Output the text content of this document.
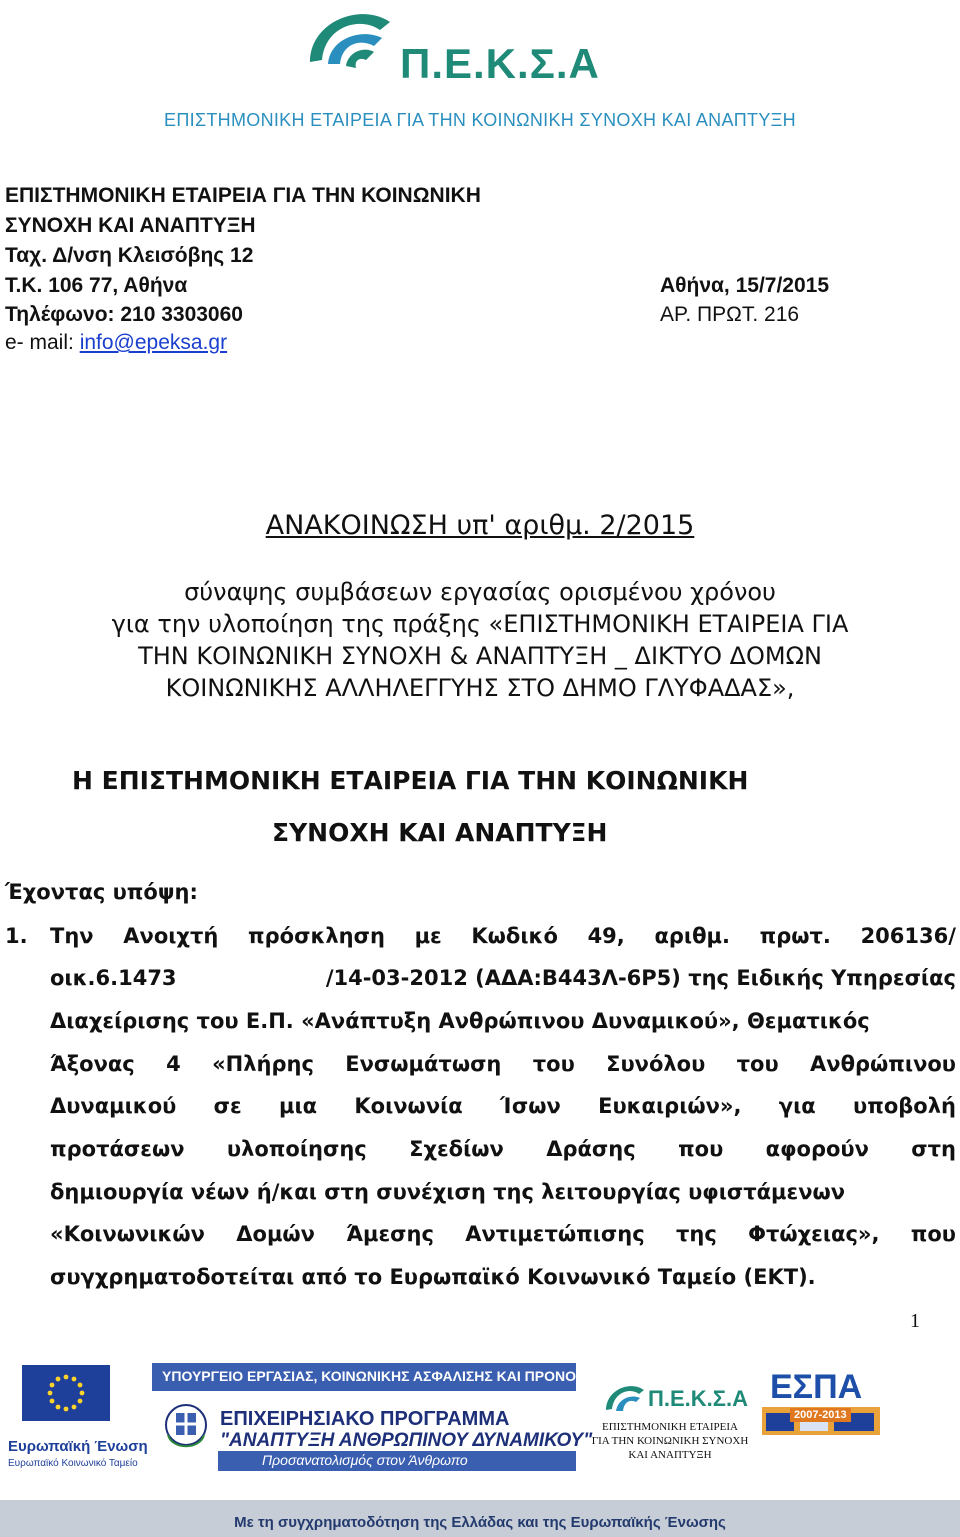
Π.Ε.Κ.Σ.Α
ΕΠΙΣΤΗΜΟΝΙΚΗ ΕΤΑΙΡΕΙΑ ΓΙΑ ΤΗΝ ΚΟΙΝΩΝΙΚΗ ΣΥΝΟΧΗ ΚΑΙ ΑΝΑΠΤΥΞΗ
ΕΠΙΣΤΗΜΟΝΙΚΗ ΕΤΑΙΡΕΙΑ ΓΙΑ ΤΗΝ ΚΟΙΝΩΝΙΚΗ
ΣΥΝΟΧΗ ΚΑΙ ΑΝΑΠΤΥΞΗ
Ταχ. Δ/νση Κλεισόβης 12
Τ.Κ. 106 77, Αθήνα
Τηλέφωνο: 210 3303060
e- mail: info@epeksa.gr
Αθήνα, 15/7/2015
ΑΡ. ΠΡΩΤ. 216
ΑΝΑΚΟΙΝΩΣΗ υπ' αριθμ. 2/2015
σύναψης συμβάσεων εργασίας ορισμένου χρόνου
για την υλοποίηση της πράξης «ΕΠΙΣΤΗΜΟΝΙΚΗ ΕΤΑΙΡΕΙΑ ΓΙΑ
ΤΗΝ ΚΟΙΝΩΝΙΚΗ ΣΥΝΟΧΗ & ΑΝΑΠΤΥΞΗ _ ΔΙΚΤΥΟ ΔΟΜΩΝ
ΚΟΙΝΩΝΙΚΗΣ ΑΛΛΗΛΕΓΓΥΗΣ ΣΤΟ ΔΗΜΟ ΓΛΥΦΑΔΑΣ»,
Η ΕΠΙΣΤΗΜΟΝΙΚΗ ΕΤΑΙΡΕΙΑ ΓΙΑ ΤΗΝ ΚΟΙΝΩΝΙΚΗ
ΣΥΝΟΧΗ ΚΑΙ ΑΝΑΠΤΥΞΗ
Έχοντας υπόψη:
1. Την Ανοιχτή πρόσκληση με Κωδικό 49, αριθμ. πρωτ. 206136/
οικ.6.1473	/14-03-2012 (ΑΔΑ:Β443Λ-6Ρ5) της Ειδικής Υπηρεσίας
Διαχείρισης του Ε.Π. «Ανάπτυξη Ανθρώπινου Δυναμικού», Θεματικός
Άξονας 4 «Πλήρης Ενσωμάτωση του Συνόλου του Ανθρώπινου
Δυναμικού σε μια Κοινωνία Ίσων Ευκαιριών», για υποβολή
προτάσεων υλοποίησης Σχεδίων Δράσης που αφορούν στη
δημιουργία νέων ή/και στη συνέχιση της λειτουργίας υφιστάμενων
«Κοινωνικών Δομών Άμεσης Αντιμετώπισης της Φτώχειας», που
συγχρηματοδοτείται από το Ευρωπαϊκό Κοινωνικό Ταμείο (ΕΚΤ).
1
Ευρωπαϊκή Ένωση
Ευρωπαϊκό Κοινωνικό Ταμείο
ΥΠΟΥΡΓΕΙΟ ΕΡΓΑΣΙΑΣ, ΚΟΙΝΩΝΙΚΗΣ ΑΣΦΑΛΙΣΗΣ ΚΑΙ ΠΡΟΝΟΙΑΣ
ΕΠΙΧΕΙΡΗΣΙΑΚΟ ΠΡΟΓΡΑΜΜΑ
"ΑΝΑΠΤΥΞΗ ΑΝΘΡΩΠΙΝΟΥ ΔΥΝΑΜΙΚΟΥ"
Προσανατολισμός στον Άνθρωπο
Π.Ε.Κ.Σ.Α
ΕΠΙΣΤΗΜΟΝΙΚΗ ΕΤΑΙΡΕΙΑ
ΓΙΑ ΤΗΝ ΚΟΙΝΩΝΙΚΗ ΣΥΝΟΧΗ
ΚΑΙ ΑΝΑΠΤΥΞΗ
ΕΣΠΑ
2007-2013
Με τη συγχρηματοδότηση της Ελλάδας και της Ευρωπαϊκής Ένωσης
